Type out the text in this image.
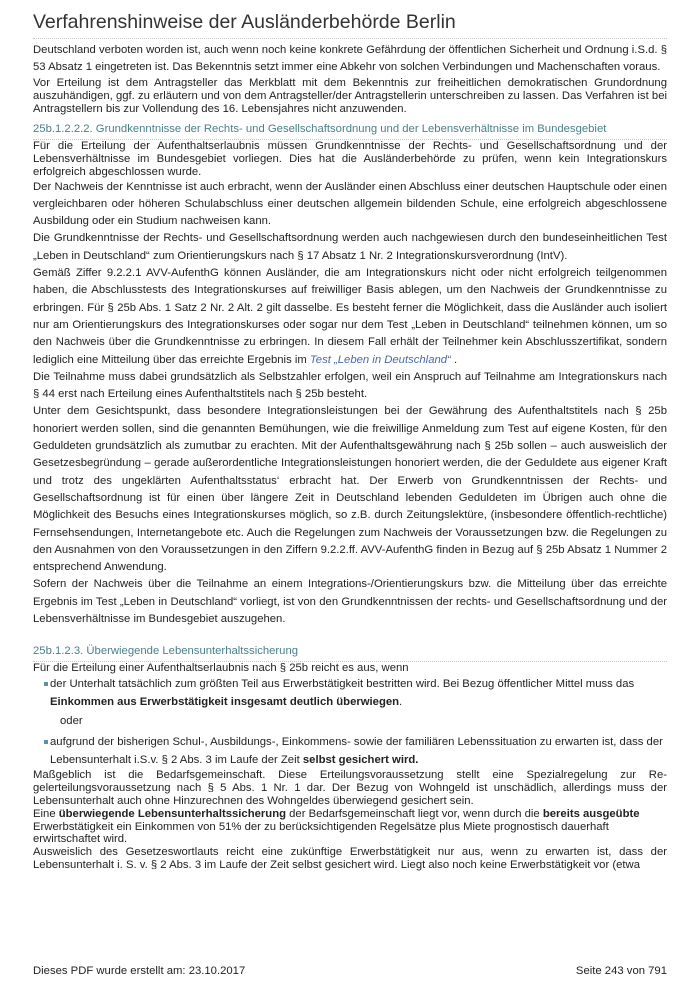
Verfahrenshinweise der Ausländerbehörde Berlin

Deutschland verboten worden ist, auch wenn noch keine konkrete Gefährdung der öffentlichen Sicherheit und Ordnung i.S.d. § 53 Absatz 1 eingetreten ist. Das Bekenntnis setzt immer eine Abkehr von solchen Verbindungen und Machenschaften voraus.

Vor Erteilung ist dem Antragsteller das Merkblatt mit dem Bekenntnis zur freiheitlichen demokratischen Grundordnung auszuhändigen, ggf. zu erläutern und von dem Antragsteller/der Antragstellerin unterschreiben zu lassen. Das Verfahren ist bei Antragstellern bis zur Vollendung des 16. Lebensjahres nicht anzuwenden.

25b.1.2.2.2. Grundkenntnisse der Rechts- und Gesellschaftsordnung und der Lebensverhältnisse im Bundesgebiet

Für die Erteilung der Aufenthaltserlaubnis müssen Grundkenntnisse der Rechts- und Gesellschaftsordnung und der Lebensverhältnisse im Bundesgebiet vorliegen. Dies hat die Ausländerbehörde zu prüfen, wenn kein Integrationskurs erfolgreich abgeschlossen wurde.

Der Nachweis der Kenntnisse ist auch erbracht, wenn der Ausländer einen Abschluss einer deutschen Hauptschule oder einen vergleichbaren oder höheren Schulabschluss einer deutschen allgemein bildenden Schule, eine erfolgreich abgeschlossene Ausbildung oder ein Studium nachweisen kann.

Die Grundkenntnisse der Rechts- und Gesellschaftsordnung werden auch nachgewiesen durch den bundeseinheitlichen Test „Leben in Deutschland“ zum Orientierungskurs nach § 17 Absatz 1 Nr. 2 Integrationskursverordnung (IntV).

Gemäß Ziffer 9.2.2.1 AVV-AufenthG können Ausländer, die am Integrationskurs nicht oder nicht erfolgreich teilgenommen haben, die Abschlusstests des Integrationskurses auf freiwilliger Basis ablegen, um den Nachweis der Grundkenntnisse zu erbringen. Für § 25b Abs. 1 Satz 2 Nr. 2 Alt. 2 gilt dasselbe. Es besteht ferner die Möglichkeit, dass die Ausländer auch isoliert nur am Orientierungskurs des Integrationskurses oder sogar nur dem Test „Leben in Deutschland“ teilnehmen können, um so den Nachweis über die Grundkenntnisse zu erbringen. In diesem Fall erhält der Teilnehmer kein Abschlusszertifikat, sondern lediglich eine Mitteilung über das erreichte Ergebnis im Test „Leben in Deutschland“ .

Die Teilnahme muss dabei grundsätzlich als Selbstzahler erfolgen, weil ein Anspruch auf Teilnahme am Integrationskurs nach § 44 erst nach Erteilung eines Aufenthaltstitels nach § 25b besteht.

Unter dem Gesichtspunkt, dass besondere Integrationsleistungen bei der Gewährung des Aufenthaltstitels nach § 25b honoriert werden sollen, sind die genannten Bemühungen, wie die freiwillige Anmeldung zum Test auf eigene Kosten, für den Geduldeten grundsätzlich als zumutbar zu erachten. Mit der Aufenthaltsgewährung nach § 25b sollen – auch ausweislich der Gesetzesbegründung – gerade außerordentliche Integrationsleistungen honoriert werden, die der Geduldete aus eigener Kraft und trotz des ungeklärten Aufenthaltsstatus‘ erbracht hat. Der Erwerb von Grundkenntnissen der Rechts- und Gesellschaftsordnung ist für einen über längere Zeit in Deutschland lebenden Geduldeten im Übrigen auch ohne die Möglichkeit des Besuchs eines Integrationskurses möglich, so z.B. durch Zeitungslektüre, (insbesondere öffentlich-rechtliche) Fernsehsendungen, Internetangebote etc. Auch die Regelungen zum Nachweis der Voraussetzungen bzw. die Regelungen zu den Ausnahmen von den Voraussetzungen in den Ziffern 9.2.2.ff. AVV-AufenthG finden in Bezug auf § 25b Absatz 1 Nummer 2 entsprechend Anwendung.

Sofern der Nachweis über die Teilnahme an einem Integrations-/Orientierungskurs bzw. die Mitteilung über das erreichte Ergebnis im Test „Leben in Deutschland“ vorliegt, ist von den Grundkenntnissen der rechts- und Gesellschaftsordnung und der Lebensverhältnisse im Bundesgebiet auszugehen.

25b.1.2.3. Überwiegende Lebensunterhaltssicherung

Für die Erteilung einer Aufenthaltserlaubnis nach § 25b reicht es aus, wenn

der Unterhalt tatsächlich zum größten Teil aus Erwerbstätigkeit bestritten wird. Bei Bezug öffentlicher Mittel muss das Einkommen aus Erwerbstätigkeit insgesamt deutlich überwiegen.
oder
aufgrund der bisherigen Schul-, Ausbildungs-, Einkommens- sowie der familiären Lebenssituation zu erwarten ist, dass der Lebensunterhalt i.S.v. § 2 Abs. 3 im Laufe der Zeit selbst gesichert wird.

Maßgeblich ist die Bedarfsgemeinschaft. Diese Erteilungsvoraussetzung stellt eine Spezialregelung zur Re-gelerteilungsvoraussetzung nach § 5 Abs. 1 Nr. 1 dar. Der Bezug von Wohngeld ist unschädlich, allerdings muss der Lebensunterhalt auch ohne Hinzurechnen des Wohngeldes überwiegend gesichert sein.

Eine überwiegende Lebensunterhaltssicherung der Bedarfsgemeinschaft liegt vor, wenn durch die bereits ausgeübte Erwerbstätigkeit ein Einkommen von 51% der zu berücksichtigenden Regelsätze plus Miete prognostisch dauerhaft erwirtschaftet wird.

Ausweislich des Gesetzeswortlauts reicht eine zukünftige Erwerbstätigkeit nur aus, wenn zu erwarten ist, dass der Lebensunterhalt i. S. v. § 2 Abs. 3 im Laufe der Zeit selbst gesichert wird. Liegt also noch keine Erwerbstätigkeit vor (etwa

Dieses PDF wurde erstellt am: 23.10.2017	Seite 243 von 791
